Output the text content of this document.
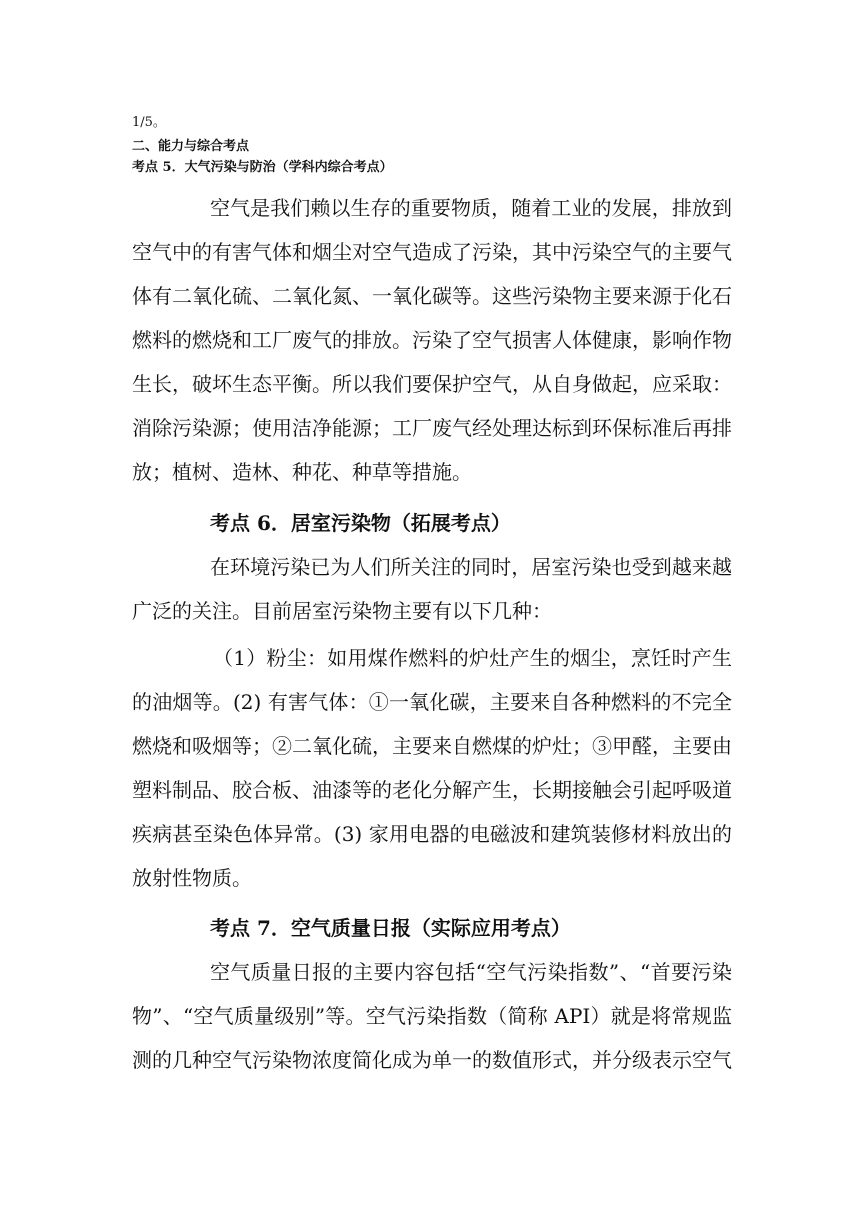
1/5。
二、能力与综合考点
考点 5．大气污染与防治（学科内综合考点）
空气是我们赖以生存的重要物质，随着工业的发展，排放到
空气中的有害气体和烟尘对空气造成了污染，其中污染空气的主要气
体有二氧化硫、二氧化氮、一氧化碳等。这些污染物主要来源于化石
燃料的燃烧和工厂废气的排放。污染了空气损害人体健康，影响作物
生长，破坏生态平衡。所以我们要保护空气，从自身做起，应采取：
消除污染源；使用洁净能源；工厂废气经处理达标到环保标准后再排
放；植树、造林、种花、种草等措施。
考点 6．居室污染物（拓展考点）
在环境污染已为人们所关注的同时，居室污染也受到越来越
广泛的关注。目前居室污染物主要有以下几种：
（1）粉尘：如用煤作燃料的炉灶产生的烟尘，烹饪时产生
的油烟等。(2) 有害气体：①一氧化碳，主要来自各种燃料的不完全
燃烧和吸烟等；②二氧化硫，主要来自燃煤的炉灶；③甲醛，主要由
塑料制品、胶合板、油漆等的老化分解产生，长期接触会引起呼吸道
疾病甚至染色体异常。(3) 家用电器的电磁波和建筑装修材料放出的
放射性物质。
考点 7．空气质量日报（实际应用考点）
空气质量日报的主要内容包括“空气污染指数”、“首要污染
物”、“空气质量级别”等。空气污染指数（简称 API）就是将常规监
测的几种空气污染物浓度简化成为单一的数值形式，并分级表示空气
